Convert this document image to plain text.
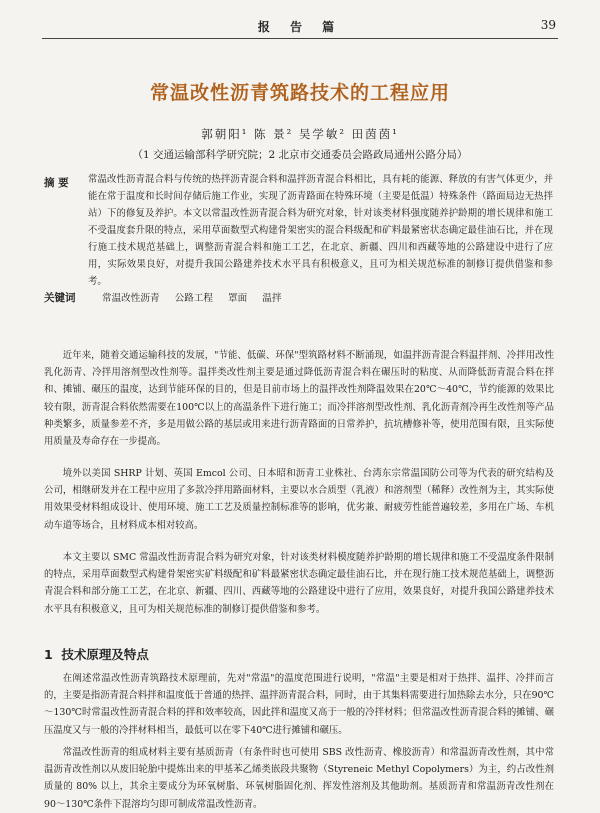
报 告 篇	39
常温改性沥青筑路技术的工程应用
郭朝阳¹ 陈 景² 吴学敏² 田茵茵¹
（1 交通运输部科学研究院；2 北京市交通委员会路政局通州公路分局）
摘 要 常温改性沥青混合料与传统的热拌沥青混合料和温拌沥青混合料相比，具有耗的能源、释放的有害气体更少，并能在常于温度和长时间存储后施工作业，实现了沥青路面在特殊环境（主要是低温）特殊条件（路面局边无热拌站）下的修复及养护。本文以常温改性沥青混合料为研究对象，针对该类材料强度随养护龄期的增长规律和施工不受温度套升限的特点，采用草面数型式构建骨架密实的混合料级配和矿料最紧密状态确定最佳油石比，并在现行施工技术规范基础上，调整沥青混合料和施工工艺，在北京、新疆、四川和西藏等地的公路建设中进行了应用，实际效果良好，对提升我国公路建养技术水平具有积极意义，且可为相关规范标准的制修订提供借鉴和参考。
关键词	常温改性沥青 公路工程 罩面 温拌
近年来，随着交通运输科技的发展，"节能、低碳、环保"型筑路材料不断涌现，如温拌沥青混合料温拌剂、冷拌用改性乳化沥青、冷拌用溶剂型改性剂等。温拌类改性剂主要是通过降低沥青混合料在碾压时的粘度、从而降低沥青混合料在拌和、摊铺、碾压的温度，达到节能环保的目的，但是目前市场上的温拌改性剂降温效果在20℃～40℃，节约能源的效果比较有限，沥青混合料依然需要在100℃以上的高温条件下进行施工；而冷拌溶剂型改性剂、乳化沥青剂冷再生改性剂等产品种类繁多，质量参差不齐，多是用做公路的基层或用来进行沥青路面的日常养护，抗坑槽修补等，使用范围有限，且实际使用质量及寿命存在一步提高。
境外以美国 SHRP 计划、英国 Emcol 公司、日本昭和沥青工业株社、台湾东宗常温国防公司等为代表的研究结构及公司，相继研发并在工程中应用了多款冷拌用路面材料，主要以水合质型（乳液）和溶剂型（稀释）改性剂为主，其实际使用效果受材料组成设计、使用环境、施工工艺及质量控制标准等的影响，优劣兼、耐疲劳性能普遍较差，多用在广场、车机动车道等场合，且材料成本相对较高。
本文主要以 SMC 常温改性沥青混合料为研究对象，针对该类材料模度随养护龄期的增长规律和施工不受温度条件限制的特点，采用草面数型式构建骨架密实矿料级配和矿料最紧密状态确定最佳油石比，并在现行施工技术规范基础上，调整沥青混合料和部分施工工艺，在北京、新疆、四川、西藏等地的公路建设中进行了应用，效果良好，对提升我国公路建养技术水平具有积极意义，且可为相关规范标准的制修订提供借鉴和参考。
1 技术原理及特点
在阐述常温改性沥青筑路技术原理前，先对"常温"的温度范围进行说明，"常温"主要是相对于热拌、温拌、冷拌而言的，主要是指沥青混合料拌和温度低于普通的热拌、温拌沥青混合料，同时，由于其集料需要进行加热除去水分，只在90℃～130℃时常温改性沥青混合料的拌和效率较高，因此拌和温度又高于一般的冷拌材料；但常温改性沥青混合料的摊铺、碾压温度又与一般的冷拌材料相当，最低可以在零下40℃进行摊铺和碾压。
常温改性沥青的组成材料主要有基质沥青（有条件时也可使用 SBS 改性沥青、橡胶沥青）和常温沥青改性剂，其中常温沥青改性剂以从废旧轮胎中提炼出来的甲基苯乙烯类嵌段共聚物（Styreneic Methyl Copolymers）为主，约占改性剂质量的 80% 以上，其余主要成分为环氧树脂、环氧树脂固化剂、挥发性溶剂及其他助剂。基质沥青和常温沥青改性剂在 90～130℃条件下混溶均匀即可制成常温改性沥青。
